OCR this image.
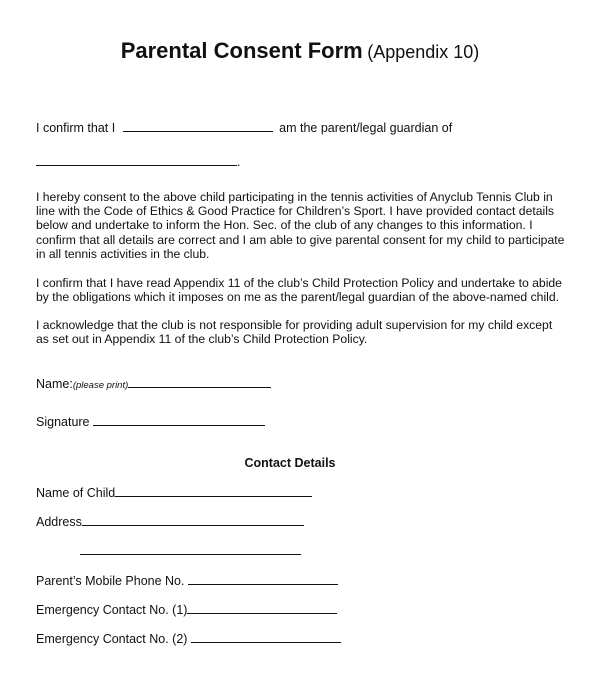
Parental Consent Form (Appendix 10)
I confirm that I	am the parent/legal guardian of
.

I hereby consent to the above child participating in the tennis activities of Anyclub Tennis Club in line with the Code of Ethics & Good Practice for Children’s Sport. I have provided contact details below and undertake to inform the Hon. Sec. of the club of any changes to this information. I confirm that all details are correct and I am able to give parental consent for my child to participate in all tennis activities in the club.

I confirm that I have read Appendix 11 of the club’s Child Protection Policy and undertake to abide by the obligations which it imposes on me as the parent/legal guardian of the above-named child.

I acknowledge that the club is not responsible for providing adult supervision for my child except as set out in Appendix 11 of the club’s Child Protection Policy.

Name:(please print)
Signature
Contact Details
Name of Child
Address
Parent’s Mobile Phone No.
Emergency Contact No. (1)
Emergency Contact No. (2)
